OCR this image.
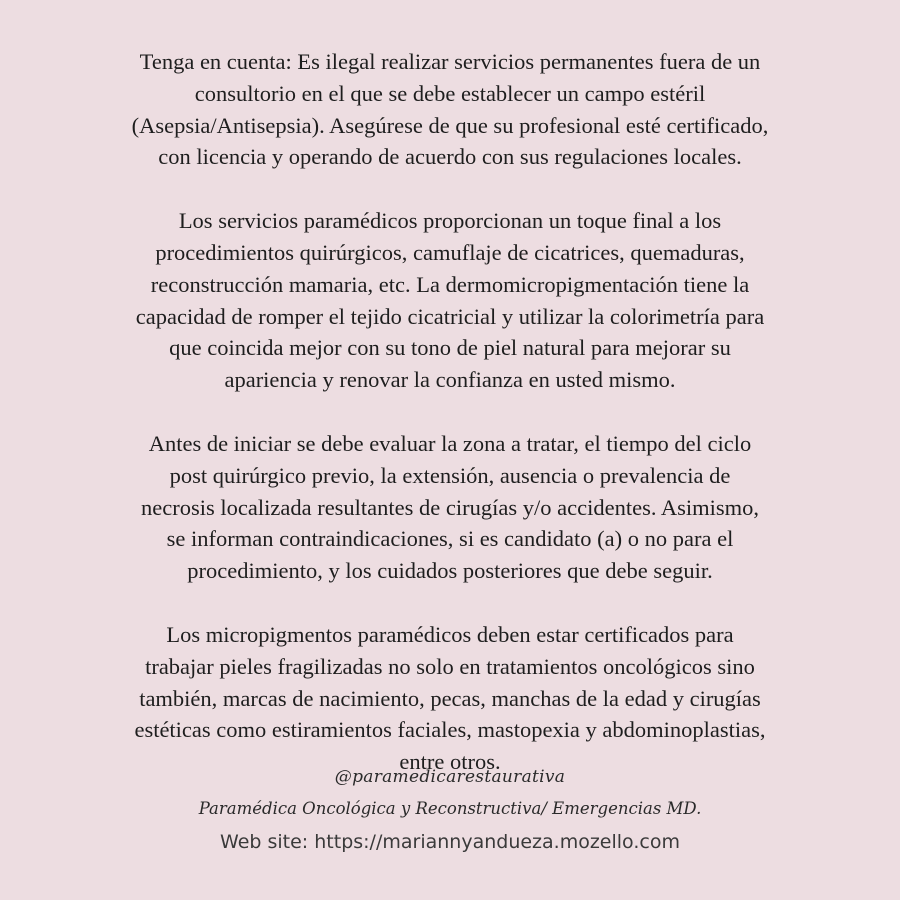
Tenga en cuenta: Es ilegal realizar servicios permanentes fuera de un
consultorio en el que se debe establecer un campo estéril
(Asepsia/Antisepsia). Asegúrese de que su profesional esté certificado,
con licencia y operando de acuerdo con sus regulaciones locales.
Los servicios paramédicos proporcionan un toque final a los
procedimientos quirúrgicos, camuflaje de cicatrices, quemaduras,
reconstrucción mamaria, etc. La dermomicropigmentación tiene la
capacidad de romper el tejido cicatricial y utilizar la colorimetría para
que coincida mejor con su tono de piel natural para mejorar su
apariencia y renovar la confianza en usted mismo.
Antes de iniciar se debe evaluar la zona a tratar, el tiempo del ciclo
post quirúrgico previo, la extensión, ausencia o prevalencia de
necrosis localizada resultantes de cirugías y/o accidentes. Asimismo,
se informan contraindicaciones, si es candidato (a) o no para el
procedimiento, y los cuidados posteriores que debe seguir.
Los micropigmentos paramédicos deben estar certificados para
trabajar pieles fragilizadas no solo en tratamientos oncológicos sino
también, marcas de nacimiento, pecas, manchas de la edad y cirugías
estéticas como estiramientos faciales, mastopexia y abdominoplastias,
entre otros.
@paramedicarestaurativa
Paramédica Oncológica y Reconstructiva/ Emergencias MD.
Web site: https://mariannyandueza.mozello.com
